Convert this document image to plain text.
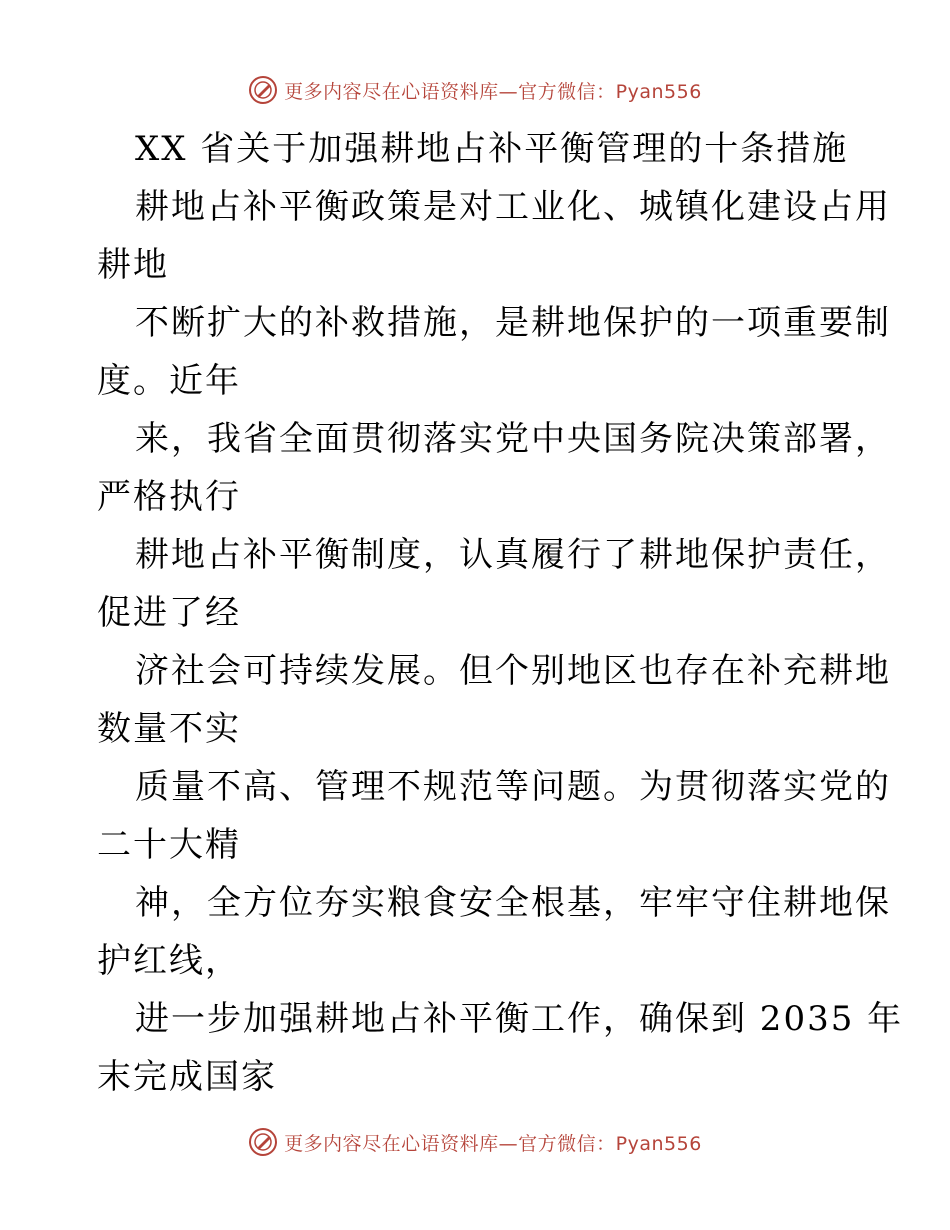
更多内容尽在心语资料库—官方微信：Pyan556
XX 省关于加强耕地占补平衡管理的十条措施
耕地占补平衡政策是对工业化、城镇化建设占用
耕地
不断扩大的补救措施，是耕地保护的一项重要制
度。近年
来，我省全面贯彻落实党中央国务院决策部署，
严格执行
耕地占补平衡制度，认真履行了耕地保护责任，
促进了经
济社会可持续发展。但个别地区也存在补充耕地
数量不实
质量不高、管理不规范等问题。为贯彻落实党的
二十大精
神，全方位夯实粮食安全根基，牢牢守住耕地保
护红线，
进一步加强耕地占补平衡工作，确保到 2035 年
末完成国家
更多内容尽在心语资料库—官方微信：Pyan556
